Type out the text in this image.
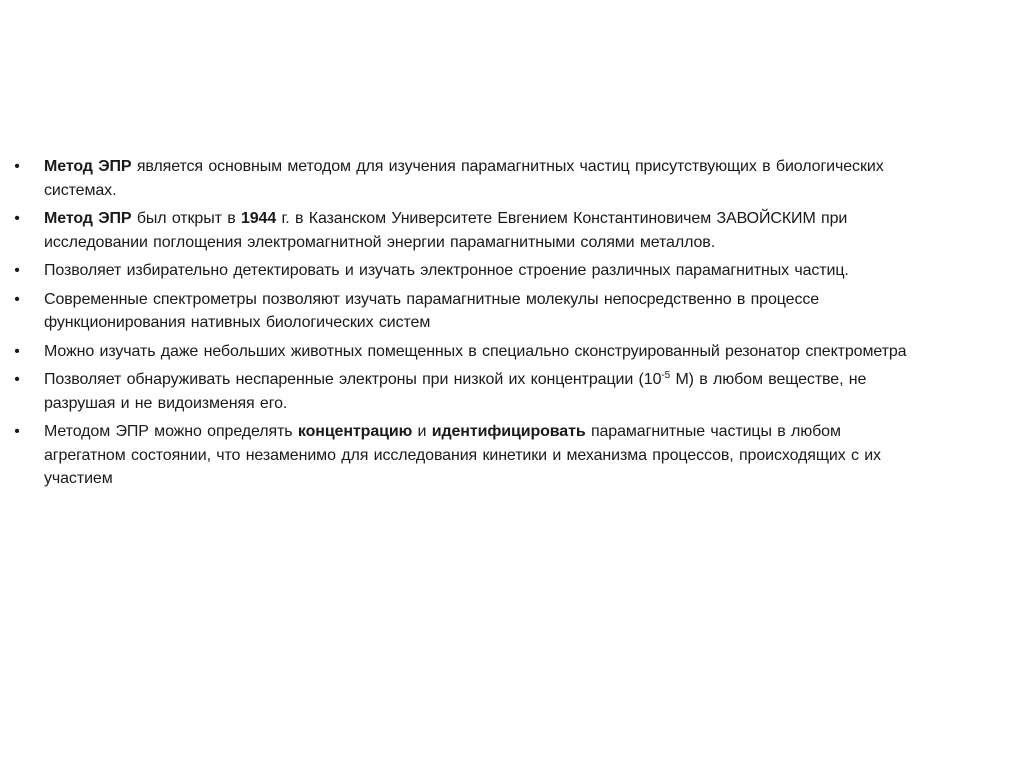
• Метод ЭПР является основным методом для изучения парамагнитных частиц присутствующих в биологических системах.
• Метод ЭПР был открыт в 1944 г. в Казанском Университете Евгением Константиновичем ЗАВОЙСКИМ при исследовании поглощения электромагнитной энергии парамагнитными солями металлов.
• Позволяет избирательно детектировать и изучать электронное строение различных парамагнитных частиц.
• Современные спектрометры позволяют изучать парамагнитные молекулы непосредственно в процессе функционирования нативных биологических систем
• Можно изучать даже небольших животных помещенных в специально сконструированный резонатор спектрометра
• Позволяет обнаруживать неспаренные электроны при низкой их концентрации ($10^{-5}$ М) в любом веществе, не разрушая и не видоизменяя его.
• Методом ЭПР можно определять концентрацию и идентифицировать парамагнитные частицы в любом агрегатном состоянии, что незаменимо для исследования кинетики и механизма процессов, происходящих с их участием
